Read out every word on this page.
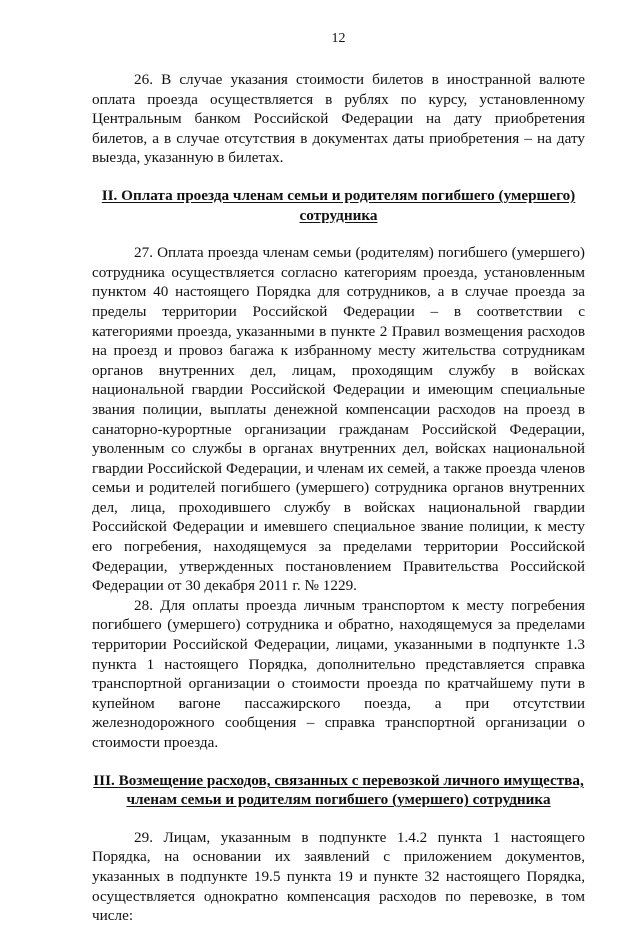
12

26. В случае указания стоимости билетов в иностранной валюте оплата проезда осуществляется в рублях по курсу, установленному Центральным банком Российской Федерации на дату приобретения билетов, а в случае отсутствия в документах даты приобретения – на дату выезда, указанную в билетах.

II. Оплата проезда членам семьи и родителям погибшего (умершего)
сотрудника

27. Оплата проезда членам семьи (родителям) погибшего (умершего) сотрудника осуществляется согласно категориям проезда, установленным пунктом 40 настоящего Порядка для сотрудников, а в случае проезда за пределы территории Российской Федерации – в соответствии с категориями проезда, указанными в пункте 2 Правил возмещения расходов на проезд и провоз багажа к избранному месту жительства сотрудникам органов внутренних дел, лицам, проходящим службу в войсках национальной гвардии Российской Федерации и имеющим специальные звания полиции, выплаты денежной компенсации расходов на проезд в санаторно-курортные организации гражданам Российской Федерации, уволенным со службы в органах внутренних дел, войсках национальной гвардии Российской Федерации, и членам их семей, а также проезда членов семьи и родителей погибшего (умершего) сотрудника органов внутренних дел, лица, проходившего службу в войсках национальной гвардии Российской Федерации и имевшего специальное звание полиции, к месту его погребения, находящемуся за пределами территории Российской Федерации, утвержденных постановлением Правительства Российской Федерации от 30 декабря 2011 г. № 1229.

28. Для оплаты проезда личным транспортом к месту погребения погибшего (умершего) сотрудника и обратно, находящемуся за пределами территории Российской Федерации, лицами, указанными в подпункте 1.3 пункта 1 настоящего Порядка, дополнительно представляется справка транспортной организации о стоимости проезда по кратчайшему пути в купейном вагоне пассажирского поезда, а при отсутствии железнодорожного сообщения – справка транспортной организации о стоимости проезда.

III. Возмещение расходов, связанных с перевозкой личного имущества,
членам семьи и родителям погибшего (умершего) сотрудника

29. Лицам, указанным в подпункте 1.4.2 пункта 1 настоящего Порядка, на основании их заявлений с приложением документов, указанных в подпункте 19.5 пункта 19 и пункте 32 настоящего Порядка, осуществляется однократно компенсация расходов по перевозке, в том числе:
